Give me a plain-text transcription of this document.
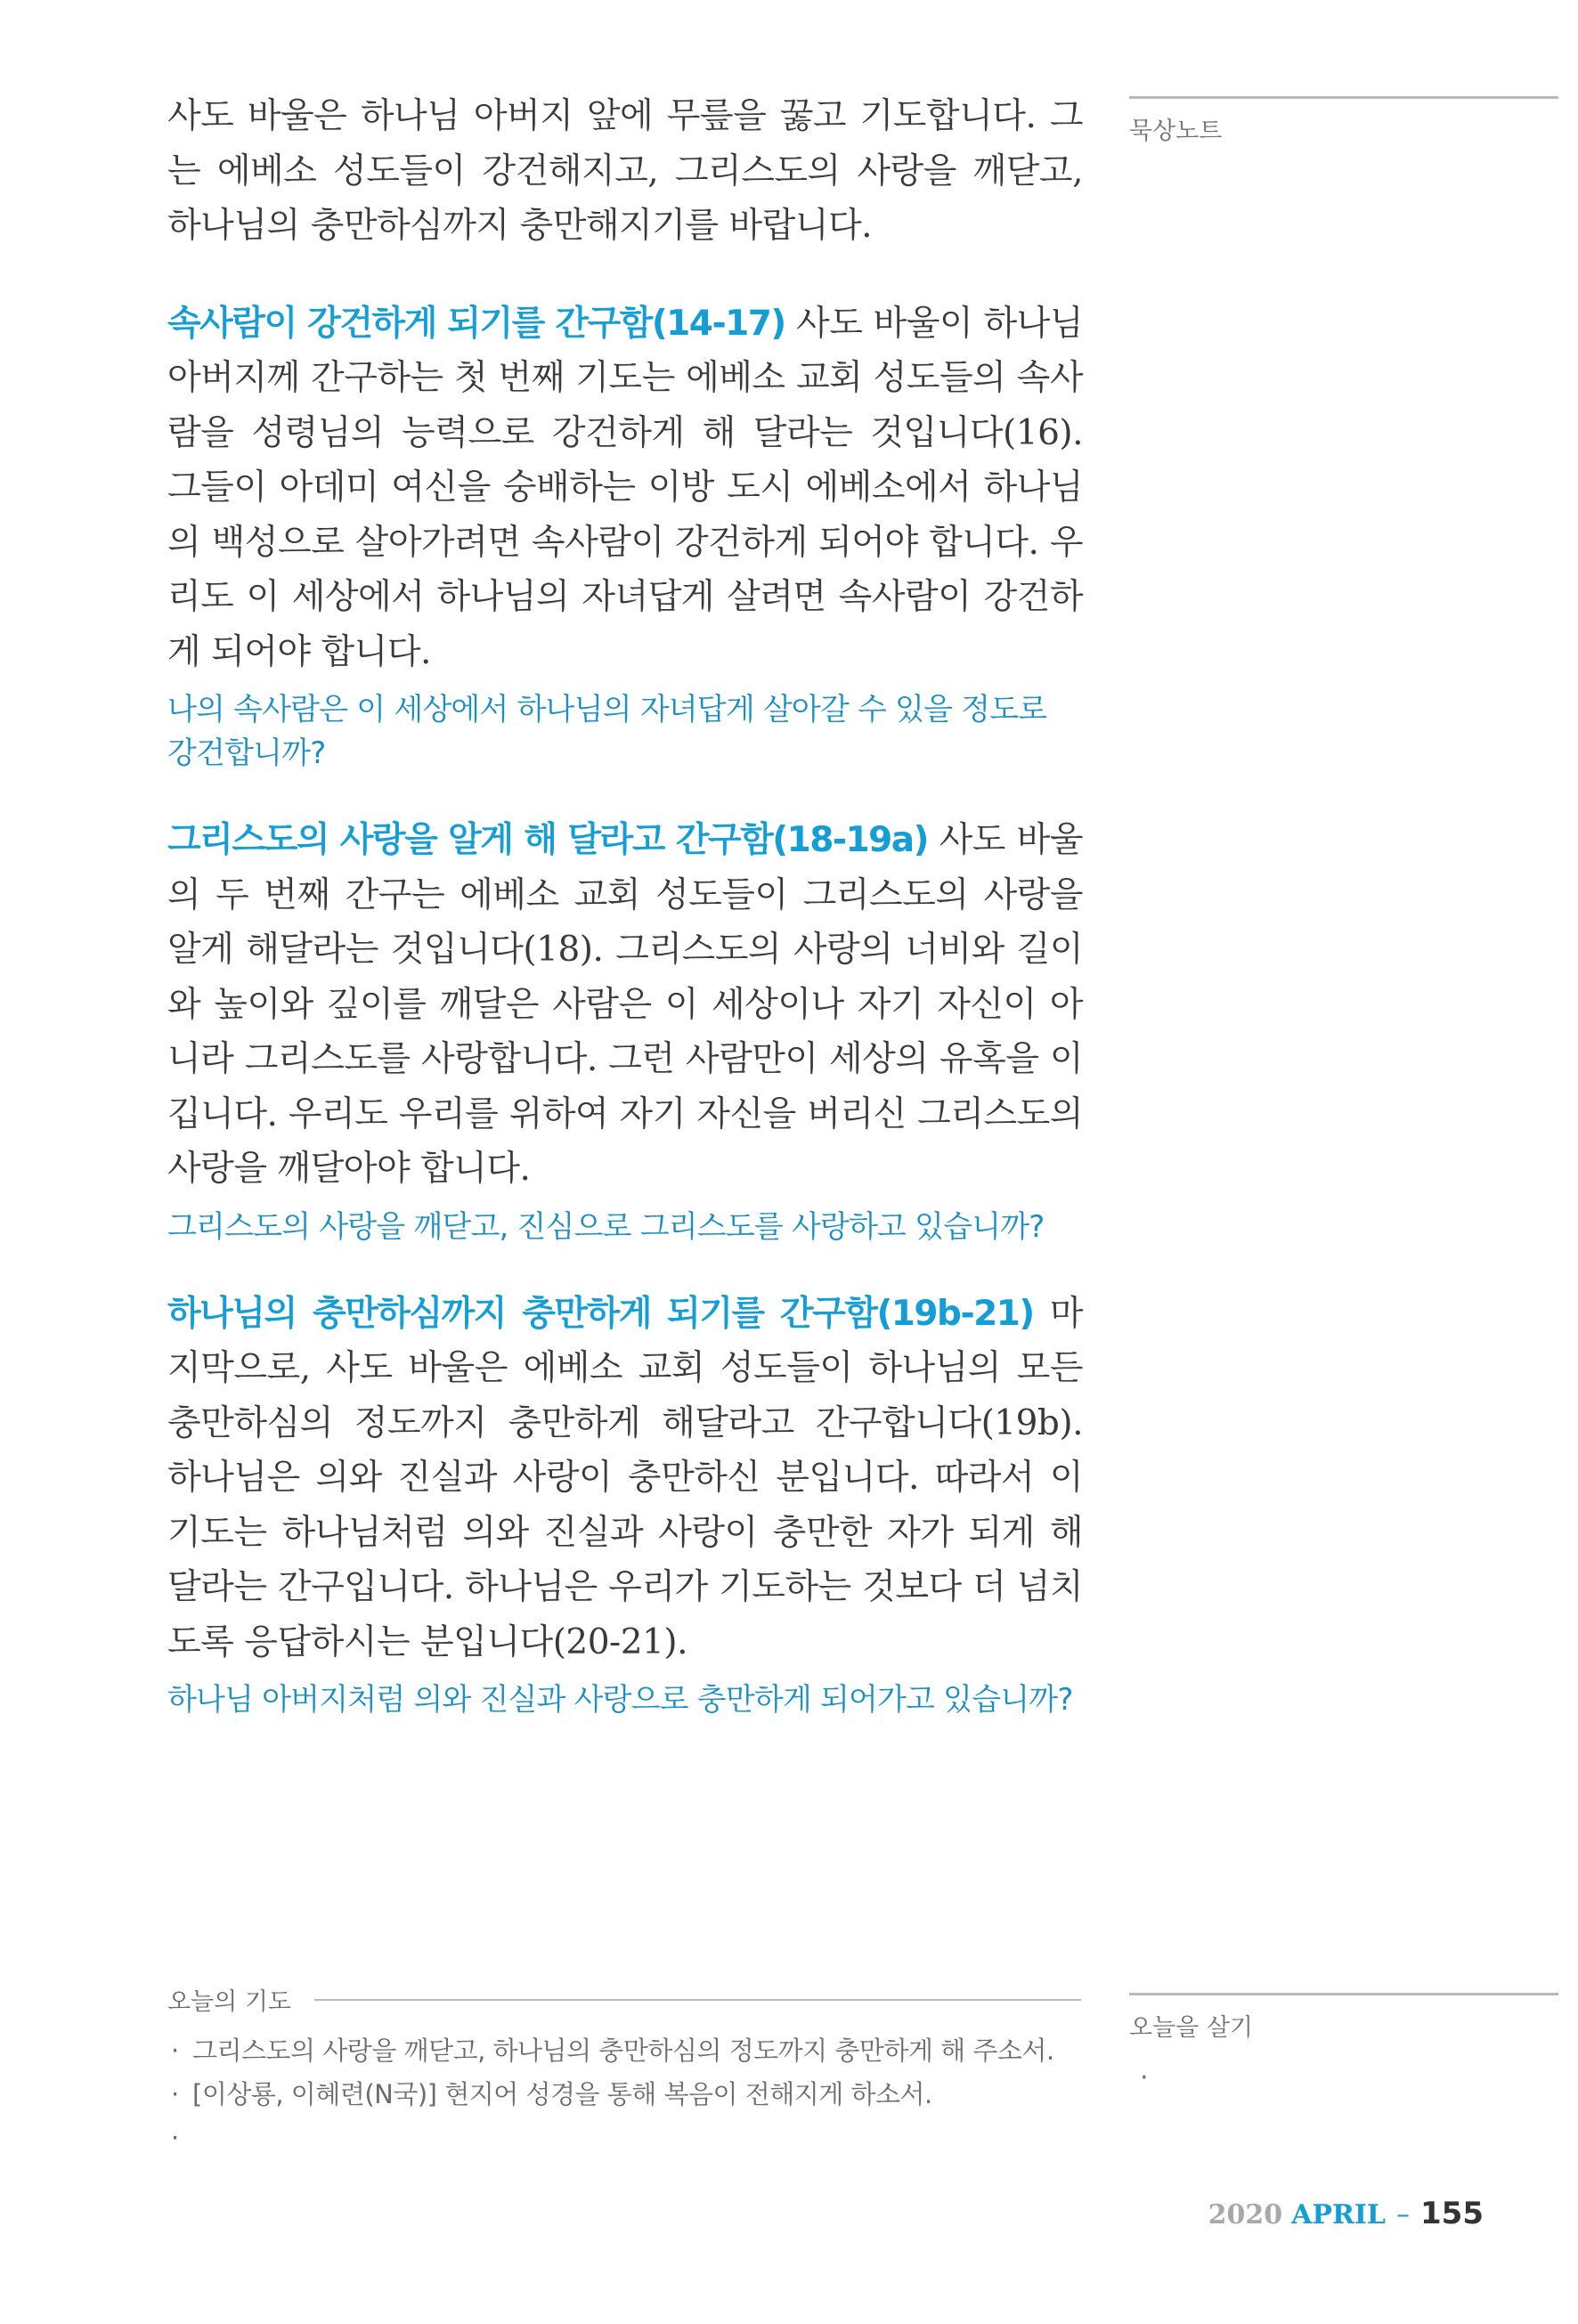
사도 바울은 하나님 아버지 앞에 무릎을 꿇고 기도합니다. 그는 에베소 성도들이 강건해지고, 그리스도의 사랑을 깨닫고, 하나님의 충만하심까지 충만해지기를 바랍니다.

속사람이 강건하게 되기를 간구함(14-17) 사도 바울이 하나님 아버지께 간구하는 첫 번째 기도는 에베소 교회 성도들의 속사람을 성령님의 능력으로 강건하게 해 달라는 것입니다(16). 그들이 아데미 여신을 숭배하는 이방 도시 에베소에서 하나님의 백성으로 살아가려면 속사람이 강건하게 되어야 합니다. 우리도 이 세상에서 하나님의 자녀답게 살려면 속사람이 강건하게 되어야 합니다.

나의 속사람은 이 세상에서 하나님의 자녀답게 살아갈 수 있을 정도로 강건합니까?

그리스도의 사랑을 알게 해 달라고 간구함(18-19a) 사도 바울의 두 번째 간구는 에베소 교회 성도들이 그리스도의 사랑을 알게 해달라는 것입니다(18). 그리스도의 사랑의 너비와 길이와 높이와 깊이를 깨달은 사람은 이 세상이나 자기 자신이 아니라 그리스도를 사랑합니다. 그런 사람만이 세상의 유혹을 이깁니다. 우리도 우리를 위하여 자기 자신을 버리신 그리스도의 사랑을 깨달아야 합니다.

그리스도의 사랑을 깨닫고, 진심으로 그리스도를 사랑하고 있습니까?

하나님의 충만하심까지 충만하게 되기를 간구함(19b-21) 마지막으로, 사도 바울은 에베소 교회 성도들이 하나님의 모든 충만하심의 정도까지 충만하게 해달라고 간구합니다(19b). 하나님은 의와 진실과 사랑이 충만하신 분입니다. 따라서 이 기도는 하나님처럼 의와 진실과 사랑이 충만한 자가 되게 해 달라는 간구입니다. 하나님은 우리가 기도하는 것보다 더 넘치도록 응답하시는 분입니다(20-21).

하나님 아버지처럼 의와 진실과 사랑으로 충만하게 되어가고 있습니까?

묵상노트
오늘의 기도
· 그리스도의 사랑을 깨닫고, 하나님의 충만하심의 정도까지 충만하게 해 주소서.
· [이상룡, 이혜련(N국)] 현지어 성경을 통해 복음이 전해지게 하소서.
오늘을 살기
·
2020 APRIL – 155
